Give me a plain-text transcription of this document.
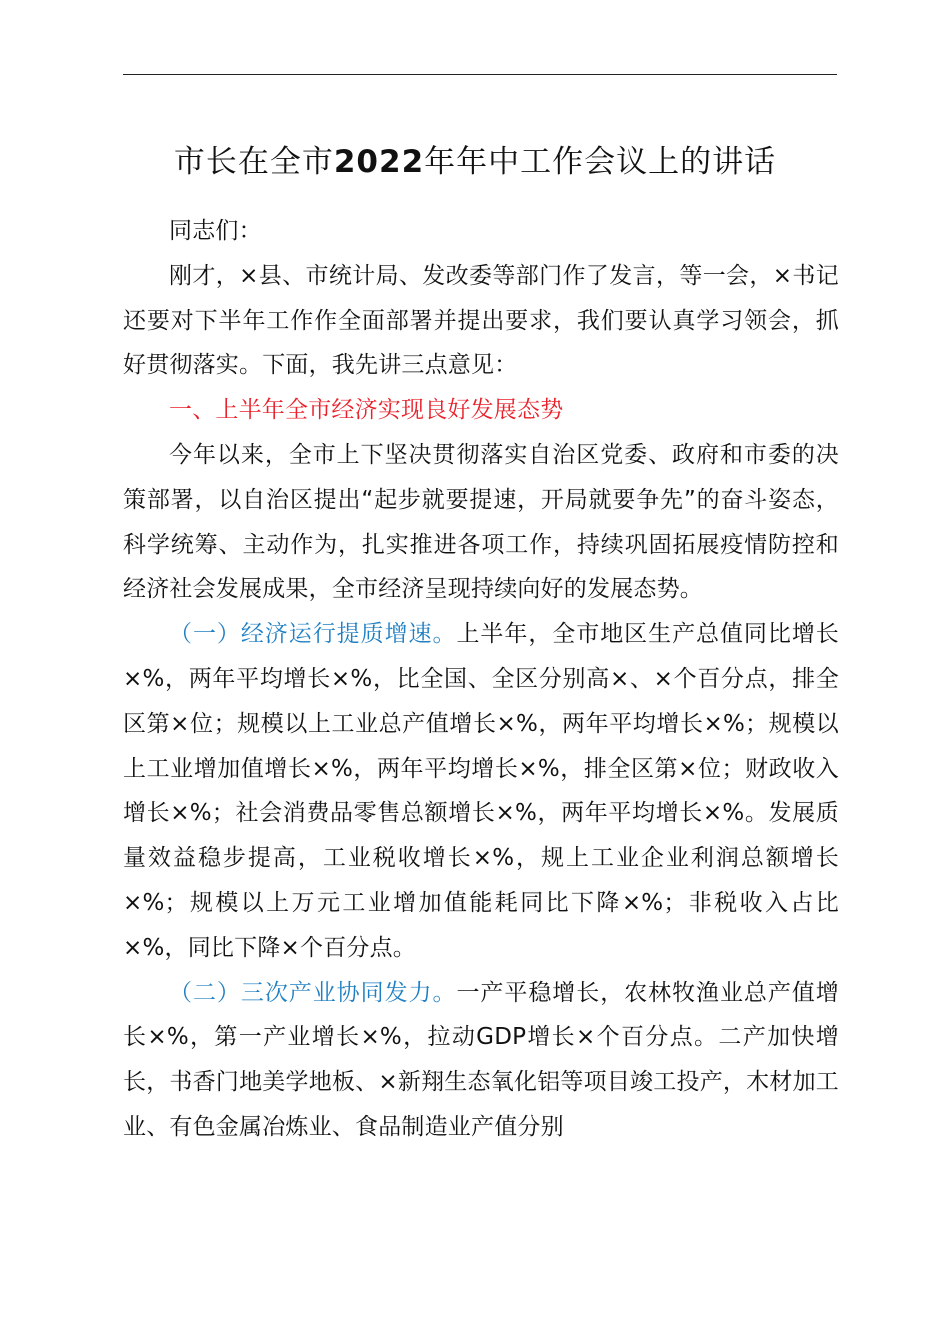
市长在全市2022年年中工作会议上的讲话

同志们：

刚才，×县、市统计局、发改委等部门作了发言，等一会，×书记还要对下半年工作作全面部署并提出要求，我们要认真学习领会，抓好贯彻落实。下面，我先讲三点意见：

一、上半年全市经济实现良好发展态势

今年以来，全市上下坚决贯彻落实自治区党委、政府和市委的决策部署，以自治区提出“起步就要提速，开局就要争先”的奋斗姿态，科学统筹、主动作为，扎实推进各项工作，持续巩固拓展疫情防控和经济社会发展成果，全市经济呈现持续向好的发展态势。

（一）经济运行提质增速。上半年，全市地区生产总值同比增长×%，两年平均增长×%，比全国、全区分别高×、×个百分点，排全区第×位；规模以上工业总产值增长×%，两年平均增长×%；规模以上工业增加值增长×%，两年平均增长×%，排全区第×位；财政收入增长×%；社会消费品零售总额增长×%，两年平均增长×%。发展质量效益稳步提高，工业税收增长×%，规上工业企业利润总额增长×%；规模以上万元工业增加值能耗同比下降×%；非税收入占比×%，同比下降×个百分点。

（二）三次产业协同发力。一产平稳增长，农林牧渔业总产值增长×%，第一产业增长×%，拉动GDP增长×个百分点。二产加快增长，书香门地美学地板、×新翔生态氧化铝等项目竣工投产，木材加工业、有色金属冶炼业、食品制造业产值分别
